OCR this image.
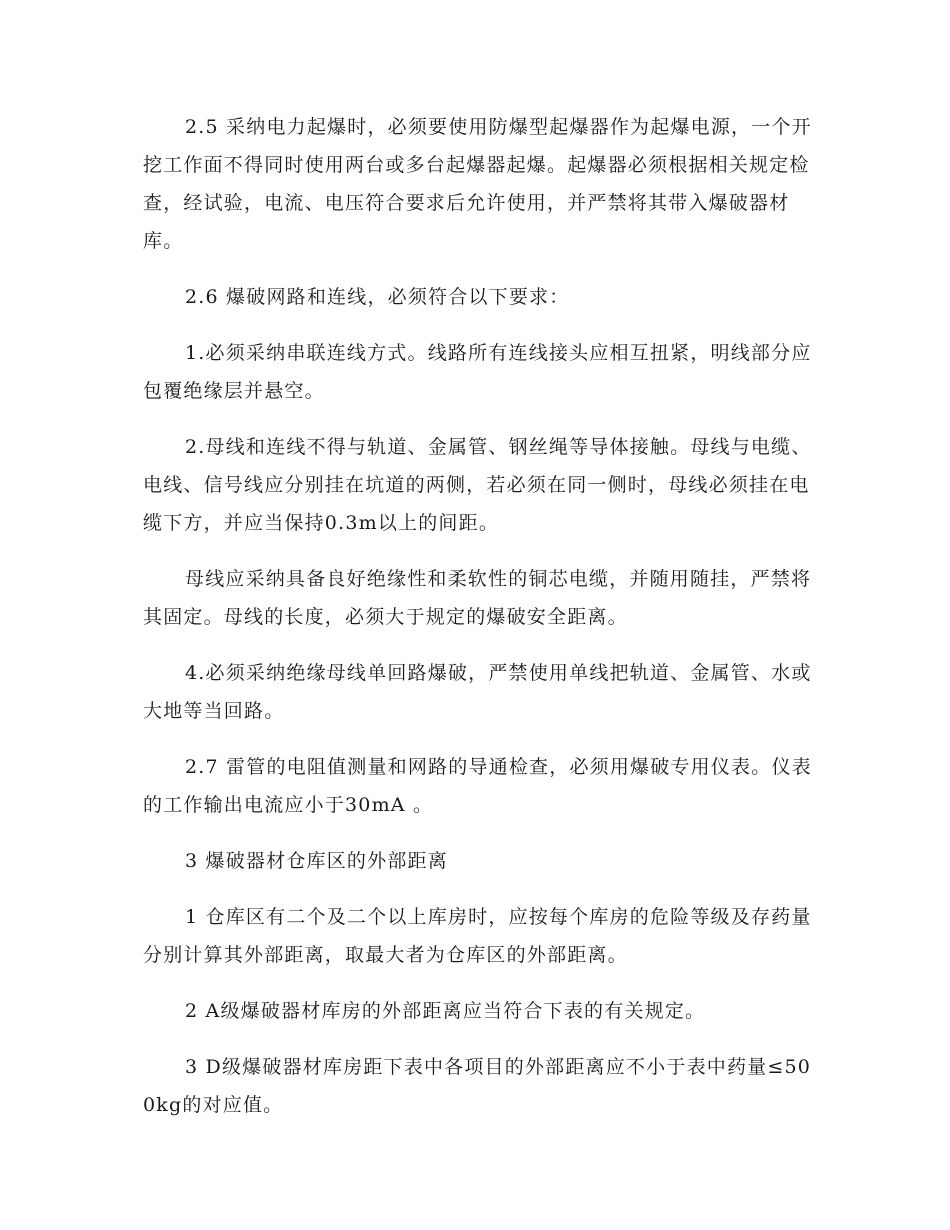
2.5 采纳电力起爆时，必须要使用防爆型起爆器作为起爆电源，一个开挖工作面不得同时使用两台或多台起爆器起爆。起爆器必须根据相关规定检查，经试验，电流、电压符合要求后允许使用，并严禁将其带入爆破器材库。

2.6 爆破网路和连线，必须符合以下要求：

1.必须采纳串联连线方式。线路所有连线接头应相互扭紧，明线部分应包覆绝缘层并悬空。

2.母线和连线不得与轨道、金属管、钢丝绳等导体接触。母线与电缆、电线、信号线应分别挂在坑道的两侧，若必须在同一侧时，母线必须挂在电缆下方，并应当保持0.3m以上的间距。

母线应采纳具备良好绝缘性和柔软性的铜芯电缆，并随用随挂，严禁将其固定。母线的长度，必须大于规定的爆破安全距离。

4.必须采纳绝缘母线单回路爆破，严禁使用单线把轨道、金属管、水或大地等当回路。

2.7 雷管的电阻值测量和网路的导通检查，必须用爆破专用仪表。仪表的工作输出电流应小于30mA 。

3 爆破器材仓库区的外部距离

1 仓库区有二个及二个以上库房时，应按每个库房的危险等级及存药量分别计算其外部距离，取最大者为仓库区的外部距离。

2 A级爆破器材库房的外部距离应当符合下表的有关规定。

3 D级爆破器材库房距下表中各项目的外部距离应不小于表中药量≤500kg的对应值。
